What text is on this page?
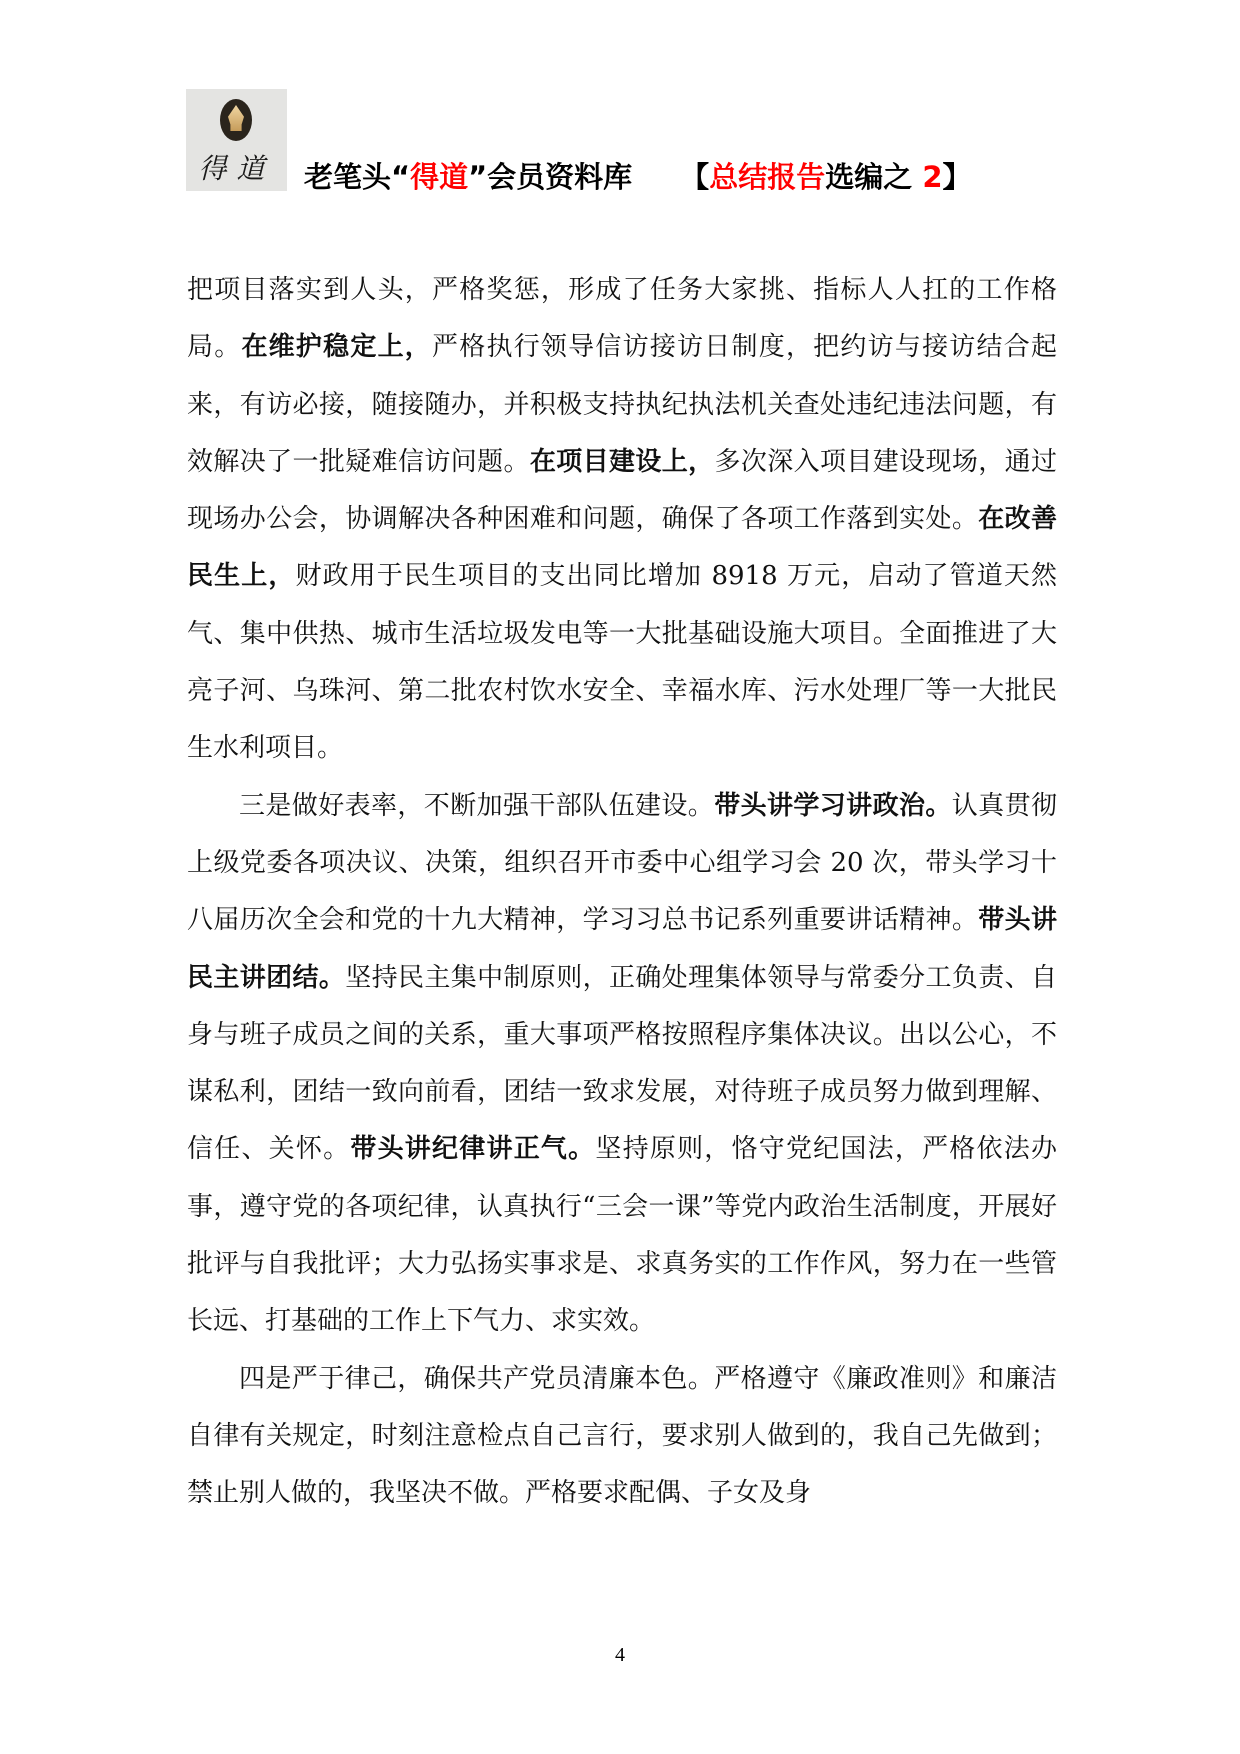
得道	老笔头“得道”会员资料库 【总结报告选编之 2】

把项目落实到人头，严格奖惩，形成了任务大家挑、指标人人扛的工作格局。在维护稳定上，严格执行领导信访接访日制度，把约访与接访结合起来，有访必接，随接随办，并积极支持执纪执法机关查处违纪违法问题，有效解决了一批疑难信访问题。在项目建设上，多次深入项目建设现场，通过现场办公会，协调解决各种困难和问题，确保了各项工作落到实处。在改善民生上，财政用于民生项目的支出同比增加 8918 万元，启动了管道天然气、集中供热、城市生活垃圾发电等一大批基础设施大项目。全面推进了大亮子河、乌珠河、第二批农村饮水安全、幸福水库、污水处理厂等一大批民生水利项目。

三是做好表率，不断加强干部队伍建设。带头讲学习讲政治。认真贯彻上级党委各项决议、决策，组织召开市委中心组学习会 20 次，带头学习十八届历次全会和党的十九大精神，学习习总书记系列重要讲话精神。带头讲民主讲团结。坚持民主集中制原则，正确处理集体领导与常委分工负责、自身与班子成员之间的关系，重大事项严格按照程序集体决议。出以公心，不谋私利，团结一致向前看，团结一致求发展，对待班子成员努力做到理解、信任、关怀。带头讲纪律讲正气。坚持原则，恪守党纪国法，严格依法办事，遵守党的各项纪律，认真执行“三会一课”等党内政治生活制度，开展好批评与自我批评；大力弘扬实事求是、求真务实的工作作风，努力在一些管长远、打基础的工作上下气力、求实效。

四是严于律己，确保共产党员清廉本色。严格遵守《廉政准则》和廉洁自律有关规定，时刻注意检点自己言行，要求别人做到的，我自己先做到；禁止别人做的，我坚决不做。严格要求配偶、子女及身

4
